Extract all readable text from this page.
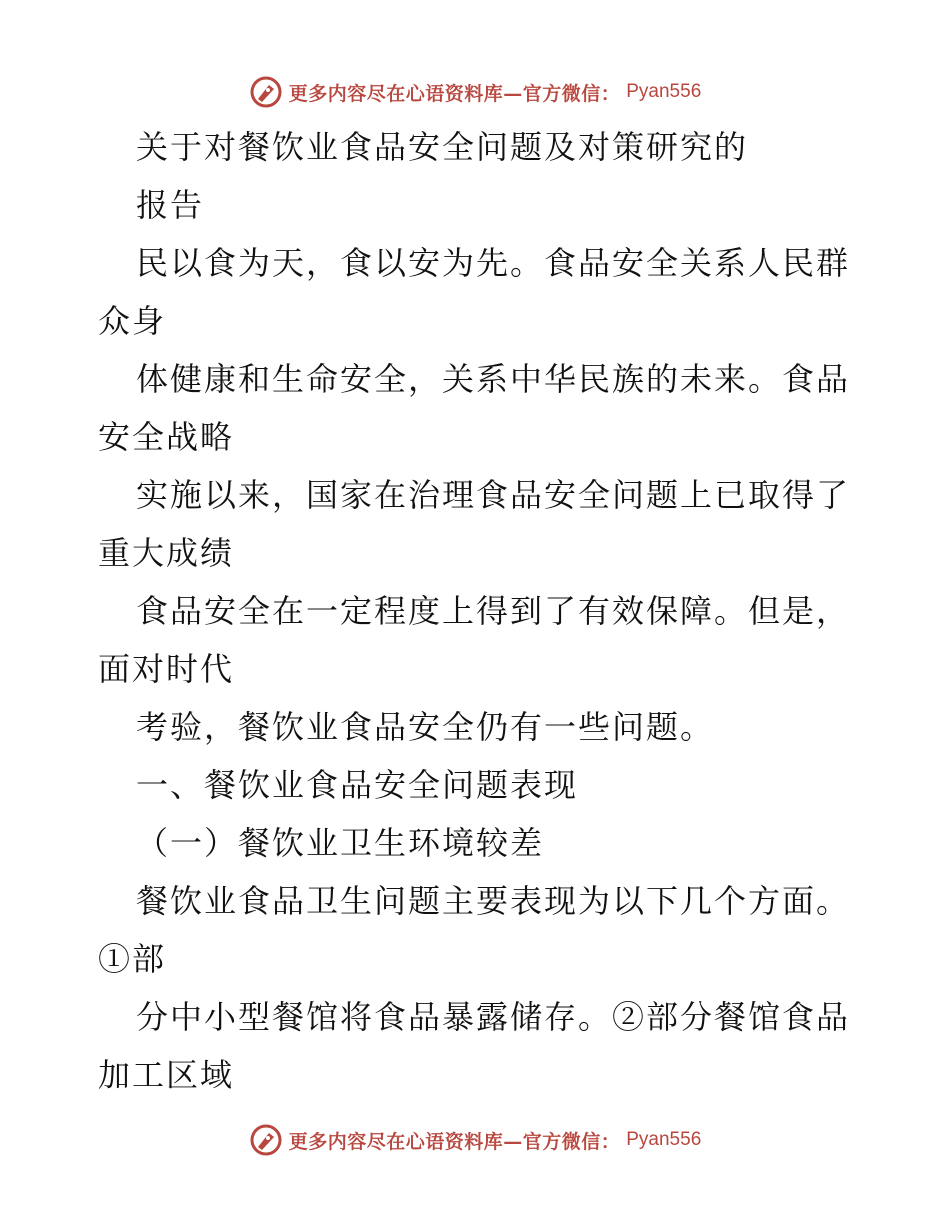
更多内容尽在心语资料库—官方微信： Pyan556
关于对餐饮业食品安全问题及对策研究的
报告
民以食为天，食以安为先。食品安全关系人民群
众身
体健康和生命安全，关系中华民族的未来。食品
安全战略
实施以来，国家在治理食品安全问题上已取得了
重大成绩
食品安全在一定程度上得到了有效保障。但是，
面对时代
考验，餐饮业食品安全仍有一些问题。
一、餐饮业食品安全问题表现
（一）餐饮业卫生环境较差
餐饮业食品卫生问题主要表现为以下几个方面。
①部
分中小型餐馆将食品暴露储存。②部分餐馆食品
加工区域
更多内容尽在心语资料库—官方微信： Pyan556
